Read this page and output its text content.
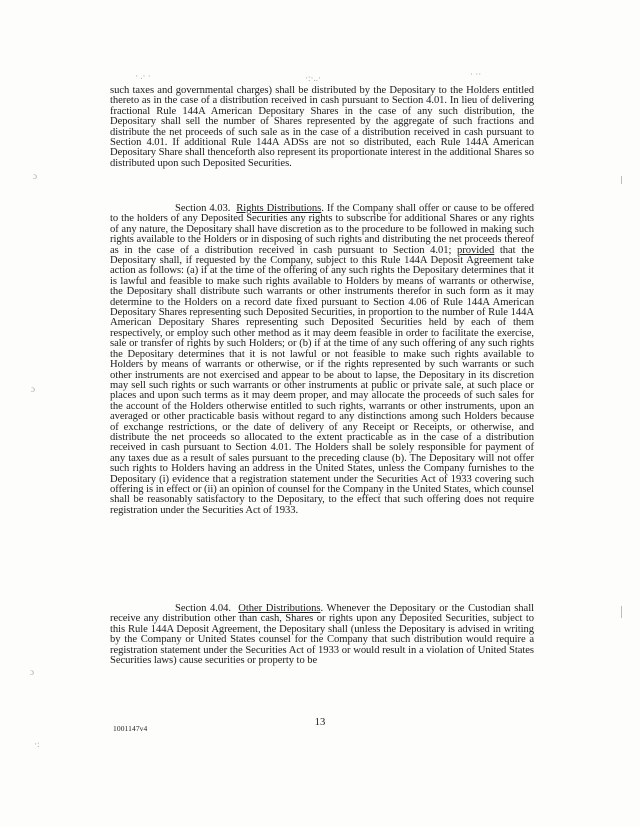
· .· ·	·:·..·	· ··
ɔ
ɔ
ɔ
·:

such taxes and governmental charges) shall be distributed by the Depositary to the Holders entitled thereto as in the case of a distribution received in cash pursuant to Section 4.01. In lieu of delivering fractional Rule 144A American Depositary Shares in the case of any such distribution, the Depositary shall sell the number of Shares represented by the aggregate of such fractions and distribute the net proceeds of such sale as in the case of a distribution received in cash pursuant to Section 4.01. If additional Rule 144A ADSs are not so distributed, each Rule 144A American Depositary Share shall thenceforth also represent its proportionate interest in the additional Shares so distributed upon such Deposited Securities.

Section 4.03. Rights Distributions. If the Company shall offer or cause to be offered to the holders of any Deposited Securities any rights to subscribe for additional Shares or any rights of any nature, the Depositary shall have discretion as to the procedure to be followed in making such rights available to the Holders or in disposing of such rights and distributing the net proceeds thereof as in the case of a distribution received in cash pursuant to Section 4.01; provided that the Depositary shall, if requested by the Company, subject to this Rule 144A Deposit Agreement take action as follows: (a) if at the time of the offering of any such rights the Depositary determines that it is lawful and feasible to make such rights available to Holders by means of warrants or otherwise, the Depositary shall distribute such warrants or other instruments therefor in such form as it may determine to the Holders on a record date fixed pursuant to Section 4.06 of Rule 144A American Depositary Shares representing such Deposited Securities, in proportion to the number of Rule 144A American Depositary Shares representing such Deposited Securities held by each of them respectively, or employ such other method as it may deem feasible in order to facilitate the exercise, sale or transfer of rights by such Holders; or (b) if at the time of any such offering of any such rights the Depositary determines that it is not lawful or not feasible to make such rights available to Holders by means of warrants or otherwise, or if the rights represented by such warrants or such other instruments are not exercised and appear to be about to lapse, the Depositary in its discretion may sell such rights or such warrants or other instruments at public or private sale, at such place or places and upon such terms as it may deem proper, and may allocate the proceeds of such sales for the account of the Holders otherwise entitled to such rights, warrants or other instruments, upon an averaged or other practicable basis without regard to any distinctions among such Holders because of exchange restrictions, or the date of delivery of any Receipt or Receipts, or otherwise, and distribute the net proceeds so allocated to the extent practicable as in the case of a distribution received in cash pursuant to Section 4.01. The Holders shall be solely responsible for payment of any taxes due as a result of sales pursuant to the preceding clause (b). The Depositary will not offer such rights to Holders having an address in the United States, unless the Company furnishes to the Depositary (i) evidence that a registration statement under the Securities Act of 1933 covering such offering is in effect or (ii) an opinion of counsel for the Company in the United States, which counsel shall be reasonably satisfactory to the Depositary, to the effect that such offering does not require registration under the Securities Act of 1933.

Section 4.04. Other Distributions. Whenever the Depositary or the Custodian shall receive any distribution other than cash, Shares or rights upon any Deposited Securities, subject to this Rule 144A Deposit Agreement, the Depositary shall (unless the Depositary is advised in writing by the Company or United States counsel for the Company that such distribution would require a registration statement under the Securities Act of 1933 or would result in a violation of United States Securities laws) cause securities or property to be

13
1001147v4
